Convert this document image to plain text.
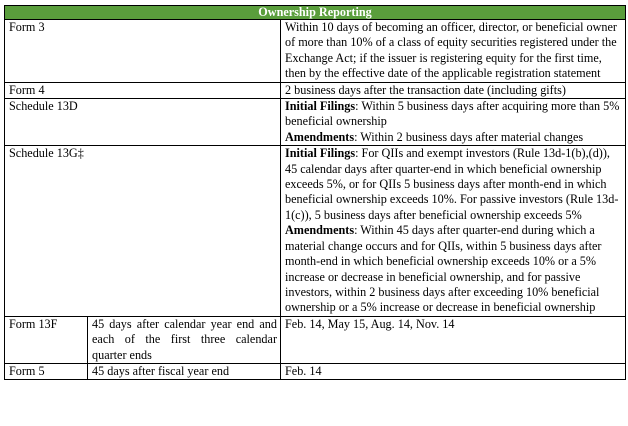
Ownership Reporting		
Form 3		Within 10 days of becoming an officer, director, or beneficial owner of more than 10% of a class of equity securities registered under the Exchange Act; if the issuer is registering equity for the first time, then by the effective date of the applicable registration statement
Form 4		2 business days after the transaction date (including gifts)
Schedule 13D		Initial Filings: Within 5 business days after acquiring more than 5% beneficial ownership
Amendments: Within 2 business days after material changes

Schedule 13G‡		Initial Filings: For QIIs and exempt investors (Rule 13d-1(b),(d)), 45 calendar days after quarter-end in which beneficial ownership exceeds 5%, or for QIIs 5 business days after month-end in which beneficial ownership exceeds 10%. For passive investors (Rule 13d-1(c)), 5 business days after beneficial ownership exceeds 5%
Amendments: Within 45 days after quarter-end during which a material change occurs and for QIIs, within 5 business days after month-end in which beneficial ownership exceeds 10% or a 5% increase or decrease in beneficial ownership, and for passive investors, within 2 business days after exceeding 10% beneficial ownership or a 5% increase or decrease in beneficial ownership

Form 13F	45 days after calendar year end and each of the first three calendar quarter ends	Feb. 14, May 15, Aug. 14, Nov. 14
Form 5	45 days after fiscal year end	Feb. 14
